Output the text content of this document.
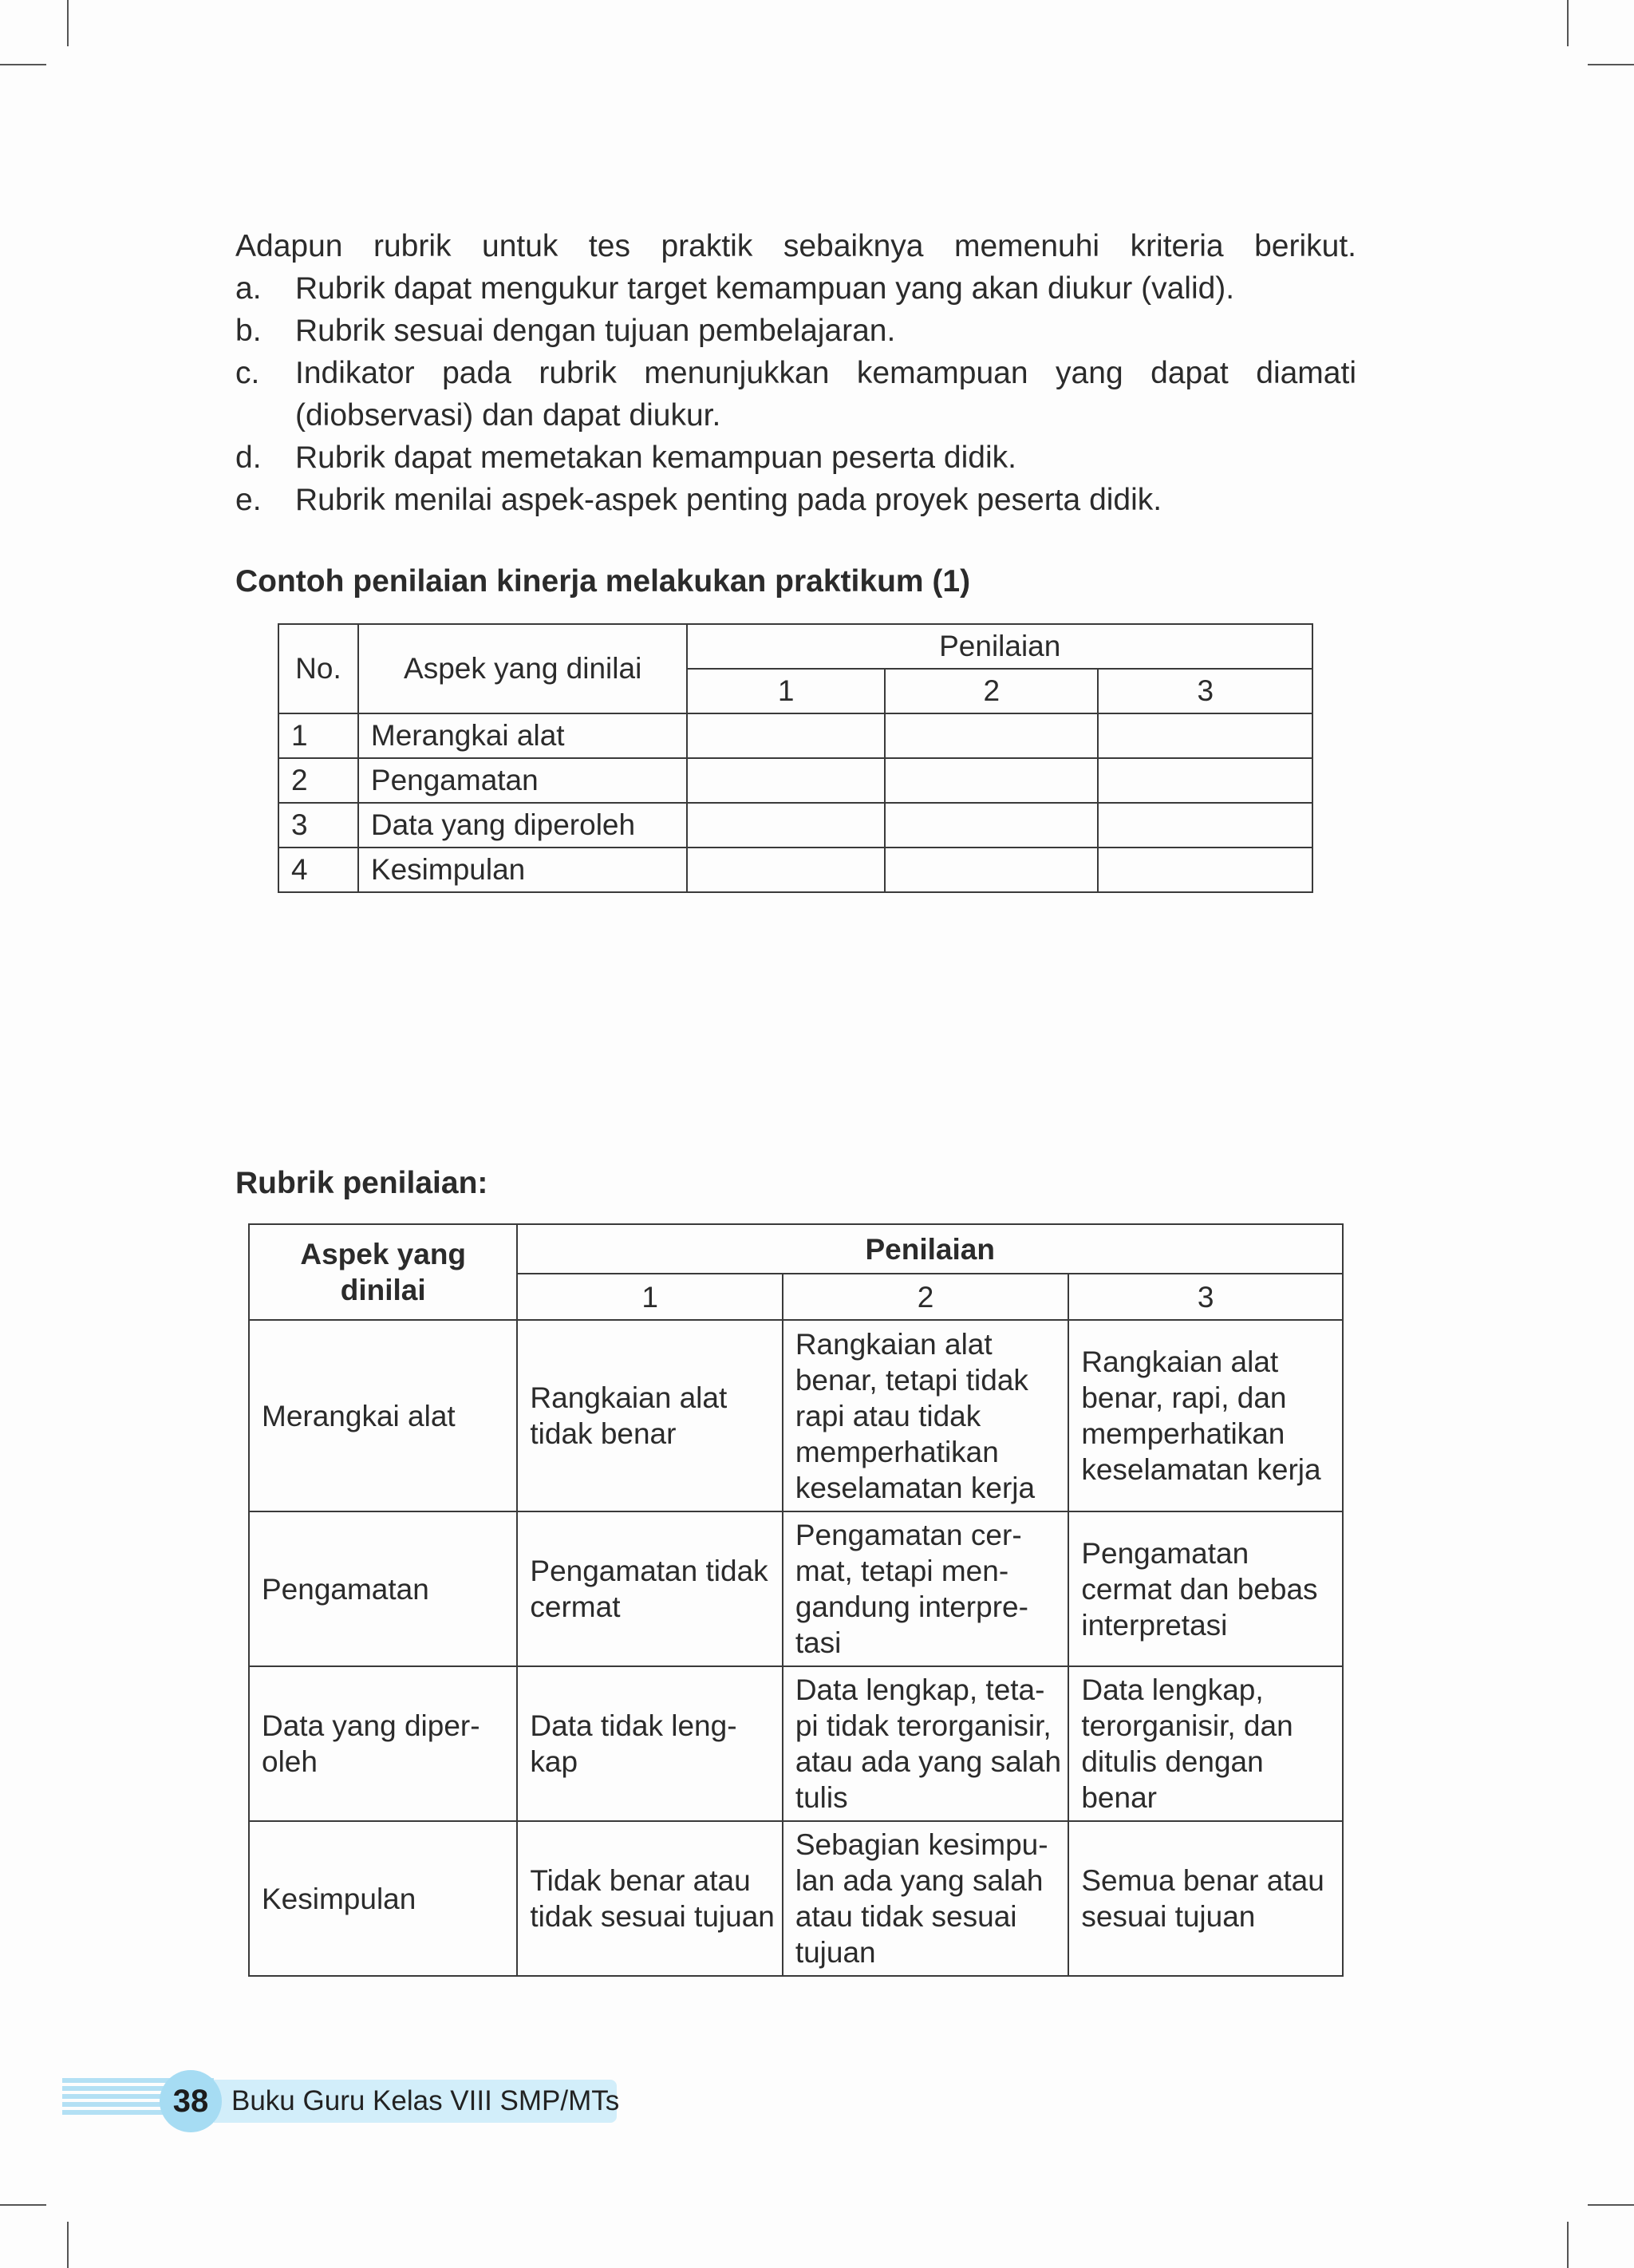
Adapun rubrik untuk tes praktik sebaiknya memenuhi kriteria berikut.

a.	Rubrik dapat mengukur target kemampuan yang akan diukur (valid).
b.	Rubrik sesuai dengan tujuan pembelajaran.
c.	Indikator pada rubrik menunjukkan kemampuan yang dapat diamati (diobservasi) dan dapat diukur.
d.	Rubrik dapat memetakan kemampuan peserta didik.
e.	Rubrik menilai aspek-aspek penting pada proyek peserta didik.
Contoh penilaian kinerja melakukan praktikum (1)
No.	Aspek yang dinilai	Penilaian		
		1	2	3
1	Merangkai alat			
2	Pengamatan			
3	Data yang diperoleh			
4	Kesimpulan			
Rubrik penilaian:
Aspek yang dinilai	Penilaian		
	1	2	3
Merangkai alat	Rangkaian alat tidak benar	Rangkaian alat benar, tetapi tidak rapi atau tidak memperhatikan keselamatan kerja	Rangkaian alat benar, rapi, dan memperhatikan keselamatan kerja
Pengamatan	Pengamatan tidak cermat	Pengamatan cer-mat, tetapi men-gandung interpre-tasi	Pengamatan cermat dan bebas interpretasi
Data yang diper-oleh	Data tidak leng-kap	Data lengkap, teta-pi tidak terorganisir, atau ada yang salah tulis	Data lengkap, terorganisir, dan ditulis dengan benar
Kesimpulan	Tidak benar atau tidak sesuai tujuan	Sebagian kesimpu-lan ada yang salah atau tidak sesuai tujuan	Semua benar atau sesuai tujuan
38 Buku Guru Kelas VIII SMP/MTs
